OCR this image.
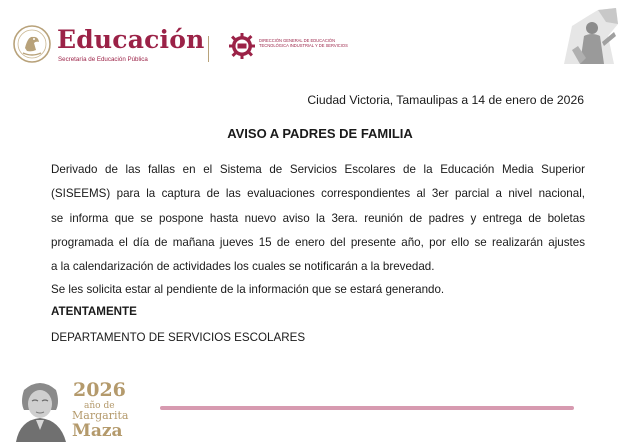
Educación
Secretaría de Educación Pública
DIRECCIÓN GENERAL DE EDUCACIÓN
TECNOLÓGICA INDUSTRIAL Y DE SERVICIOS
Ciudad Victoria, Tamaulipas a 14 de enero de 2026
AVISO A PADRES DE FAMILIA
Derivado de las fallas en el Sistema de Servicios Escolares de la Educación Media Superior
(SISEEMS) para la captura de las evaluaciones correspondientes al 3er parcial a nivel nacional,
se informa que se pospone hasta nuevo aviso la 3era. reunión de padres y entrega de boletas
programada el día de mañana jueves 15 de enero del presente año, por ello se realizarán ajustes
a la calendarización de actividades los cuales se notificarán a la brevedad.
Se les solicita estar al pendiente de la información que se estará generando.
ATENTAMENTE
DEPARTAMENTO DE SERVICIOS ESCOLARES
2026
año de
Margarita
Maza
